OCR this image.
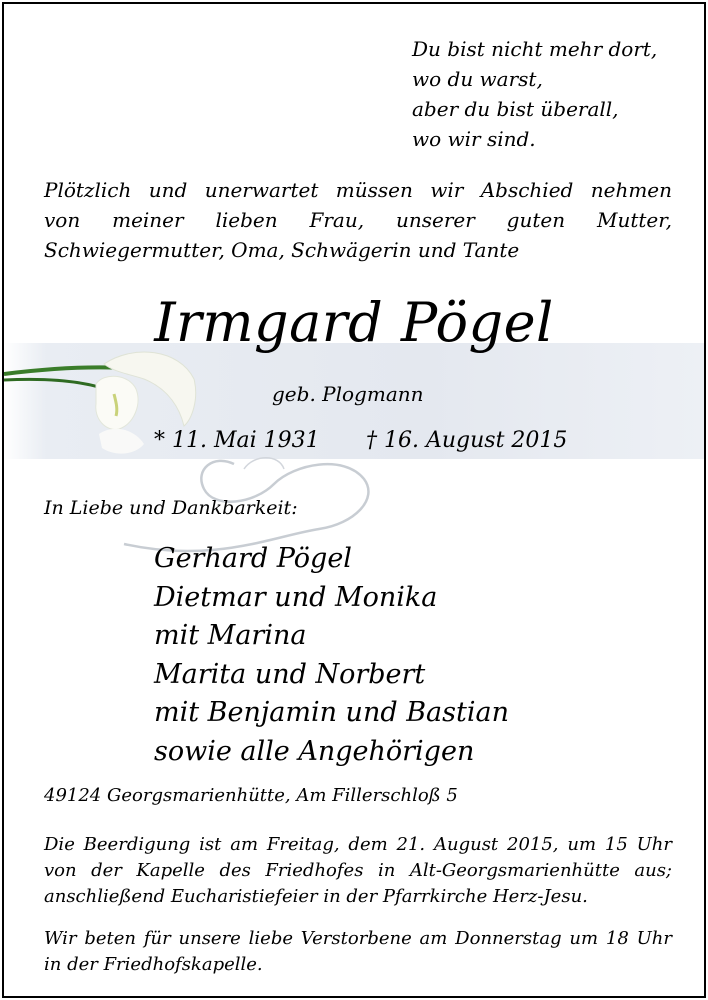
Du bist nicht mehr dort,
wo du warst,
aber du bist überall,
wo wir sind.
Plötzlich und unerwartet müssen wir Abschied nehmen
von meiner lieben Frau, unserer guten Mutter,
Schwiegermutter, Oma, Schwägerin und Tante
Irmgard Pögel
geb. Plogmann
* 11. Mai 1931 † 16. August 2015
In Liebe und Dankbarkeit:
Gerhard Pögel
Dietmar und Monika
mit Marina
Marita und Norbert
mit Benjamin und Bastian
sowie alle Angehörigen
49124 Georgsmarienhütte, Am Fillerschloß 5
Die Beerdigung ist am Freitag, dem 21. August 2015, um 15 Uhr
von der Kapelle des Friedhofes in Alt-Georgsmarienhütte aus;
anschließend Eucharistiefeier in der Pfarrkirche Herz-Jesu.
Wir beten für unsere liebe Verstorbene am Donnerstag um 18 Uhr
in der Friedhofskapelle.
